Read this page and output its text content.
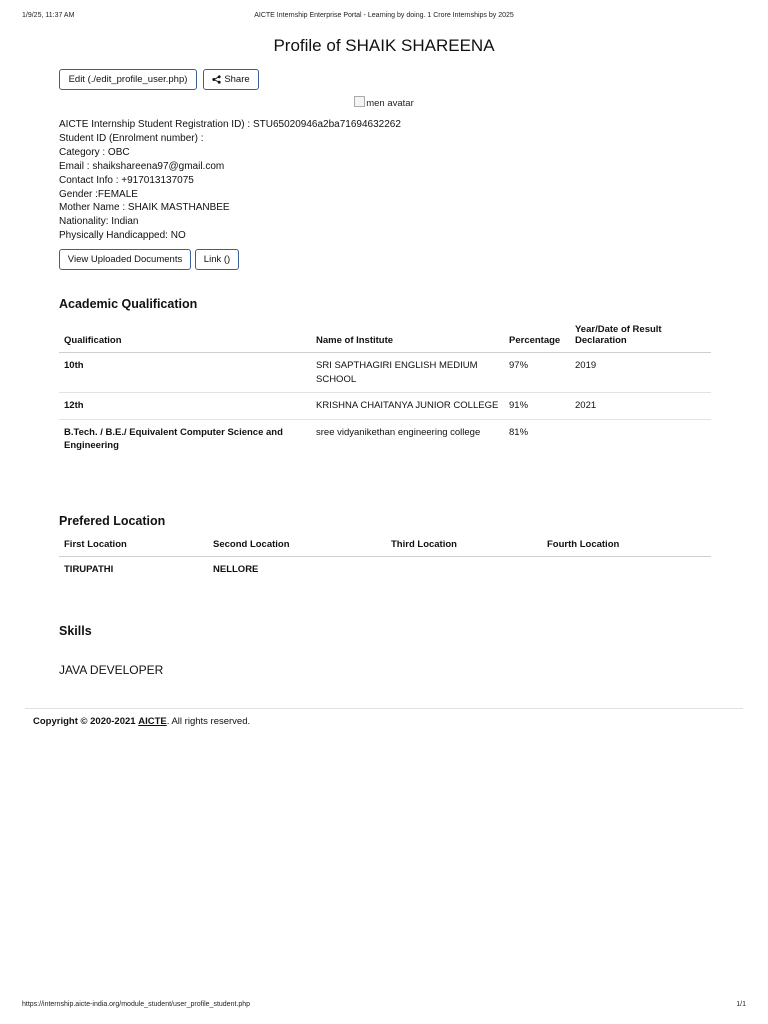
1/9/25, 11:37 AM	AICTE Internship Enterprise Portal - Learning by doing. 1 Crore Internships by 2025
Profile of SHAIK SHAREENA
Edit (./edit_profile_user.php)	Share
men avatar
AICTE Internship Student Registration ID) : STU65020946a2ba71694632262
Student ID (Enrolment number) :
Category : OBC
Email : shaikshareena97@gmail.com
Contact Info : +917013137075
Gender :FEMALE
Mother Name : SHAIK MASTHANBEE
Nationality: Indian
Physically Handicapped: NO
View Uploaded Documents Link ()
Academic Qualification
Qualification	Name of Institute	Percentage	Year/Date of Result Declaration
10th	SRI SAPTHAGIRI ENGLISH MEDIUM SCHOOL	97%	2019
12th	KRISHNA CHAITANYA JUNIOR COLLEGE	91%	2021
B.Tech. / B.E./ Equivalent Computer Science and Engineering	sree vidyanikethan engineering college	81%	
Prefered Location
First Location	Second Location	Third Location	Fourth Location
TIRUPATHI	NELLORE		
Skills
JAVA DEVELOPER
Copyright © 2020-2021 AICTE. All rights reserved.
https://internship.aicte-india.org/module_student/user_profile_student.php	1/1
